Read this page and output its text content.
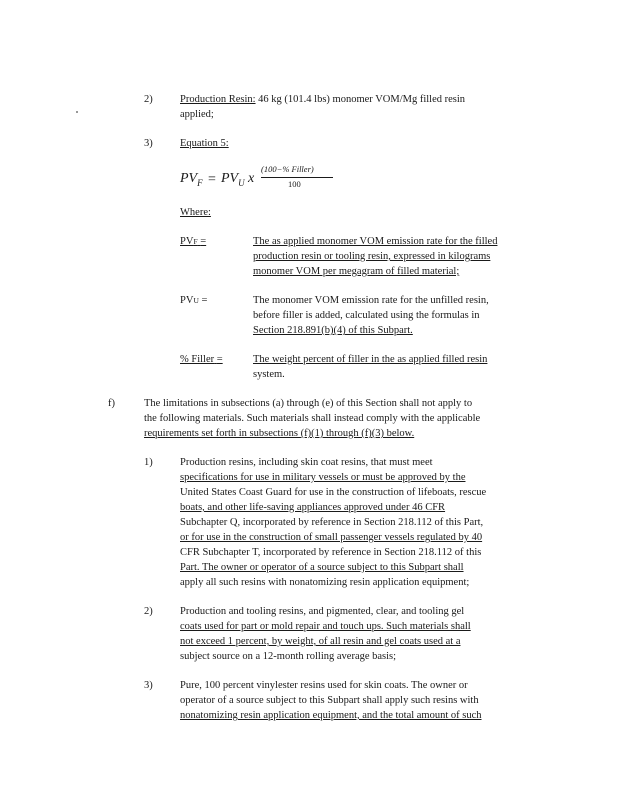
2)	Production Resin: 46 kg (101.4 lbs) monomer VOM/Mg filled resin
applied;
3)	Equation 5:
$PV_F = PV_U$ x
(100−% Filler)
100
Where:
PVF =	The as applied monomer VOM emission rate for the filled
production resin or tooling resin, expressed in kilograms
monomer VOM per megagram of filled material;
PVU =	The monomer VOM emission rate for the unfilled resin,
before filler is added, calculated using the formulas in
Section 218.891(b)(4) of this Subpart.
% Filler =	The weight percent of filler in the as applied filled resin
system.
f)	The limitations in subsections (a) through (e) of this Section shall not apply to
the following materials. Such materials shall instead comply with the applicable
requirements set forth in subsections (f)(1) through (f)(3) below.
1)	Production resins, including skin coat resins, that must meet
specifications for use in military vessels or must be approved by the
United States Coast Guard for use in the construction of lifeboats, rescue
boats, and other life-saving appliances approved under 46 CFR
Subchapter Q, incorporated by reference in Section 218.112 of this Part,
or for use in the construction of small passenger vessels regulated by 40
CFR Subchapter T, incorporated by reference in Section 218.112 of this
Part. The owner or operator of a source subject to this Subpart shall
apply all such resins with nonatomizing resin application equipment;
2)	Production and tooling resins, and pigmented, clear, and tooling gel
coats used for part or mold repair and touch ups. Such materials shall
not exceed 1 percent, by weight, of all resin and gel coats used at a
subject source on a 12-month rolling average basis;
3)	Pure, 100 percent vinylester resins used for skin coats. The owner or
operator of a source subject to this Subpart shall apply such resins with
nonatomizing resin application equipment, and the total amount of such
